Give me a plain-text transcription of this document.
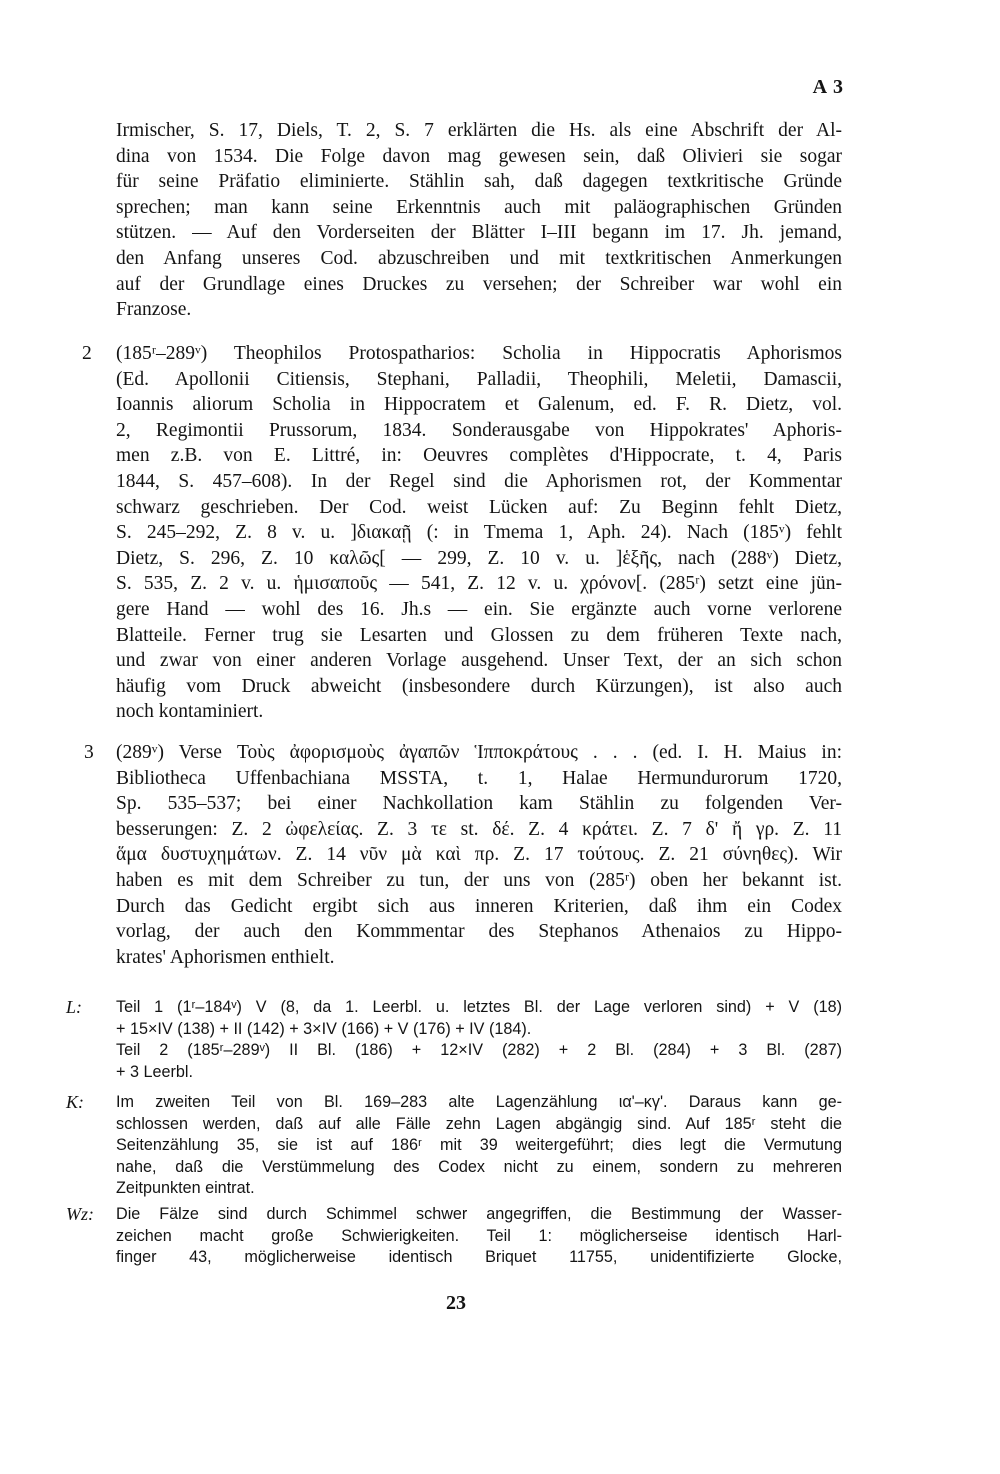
A 3
Irmischer, S. 17, Diels, T. 2, S. 7 erklärten die Hs. als eine Abschrift der Al-
dina von 1534. Die Folge davon mag gewesen sein, daß Olivieri sie sogar
für seine Präfatio eliminierte. Stählin sah, daß dagegen textkritische Gründe
sprechen; man kann seine Erkenntnis auch mit paläographischen Gründen
stützen. — Auf den Vorderseiten der Blätter I–III begann im 17. Jh. jemand,
den Anfang unseres Cod. abzuschreiben und mit textkritischen Anmerkungen
auf der Grundlage eines Druckes zu versehen; der Schreiber war wohl ein
Franzose.
2 (185ʳ–289ᵛ) Theophilos Protospatharios: Scholia in Hippocratis Aphorismos
(Ed. Apollonii Citiensis, Stephani, Palladii, Theophili, Meletii, Damascii,
Ioannis aliorum Scholia in Hippocratem et Galenum, ed. F. R. Dietz, vol.
2, Regimontii Prussorum, 1834. Sonderausgabe von Hippokrates' Aphoris-
men z.B. von E. Littré, in: Oeuvres complètes d'Hippocrate, t. 4, Paris
1844, S. 457–608). In der Regel sind die Aphorismen rot, der Kommentar
schwarz geschrieben. Der Cod. weist Lücken auf: Zu Beginn fehlt Dietz,
S. 245–292, Z. 8 v. u. ]διακαῇ (: in Tmema 1, Aph. 24). Nach (185ᵛ) fehlt
Dietz, S. 296, Z. 10 καλῶς[ — 299, Z. 10 v. u. ]ἑξῆς, nach (288ᵛ) Dietz,
S. 535, Z. 2 v. u. ἡμισαποῦς — 541, Z. 12 v. u. χρόνον[. (285ʳ) setzt eine jün-
gere Hand — wohl des 16. Jh.s — ein. Sie ergänzte auch vorne verlorene
Blatteile. Ferner trug sie Lesarten und Glossen zu dem früheren Texte nach,
und zwar von einer anderen Vorlage ausgehend. Unser Text, der an sich schon
häufig vom Druck abweicht (insbesondere durch Kürzungen), ist also auch
noch kontaminiert.
3 (289ᵛ) Verse Τοὺς ἀφορισμοὺς ἀγαπῶν Ἱπποκράτους . . . (ed. I. H. Maius in:
Bibliotheca Uffenbachiana MSSTA, t. 1, Halae Hermundurorum 1720,
Sp. 535–537; bei einer Nachkollation kam Stählin zu folgenden Ver-
besserungen: Z. 2 ὠφελείας. Z. 3 τε st. δέ. Z. 4 κράτει. Z. 7 δ' ἤ γρ. Z. 11
ἅμα δυστυχημάτων. Z. 14 νῦν μὰ καὶ πρ. Z. 17 τούτους. Z. 21 σύνηθες). Wir
haben es mit dem Schreiber zu tun, der uns von (285ʳ) oben her bekannt ist.
Durch das Gedicht ergibt sich aus inneren Kriterien, daß ihm ein Codex
vorlag, der auch den Kommmentar des Stephanos Athenaios zu Hippo-
krates' Aphorismen enthielt.
L: Teil 1 (1ʳ–184ᵛ) V (8, da 1. Leerbl. u. letztes Bl. der Lage verloren sind) + V (18)
+ 15×IV (138) + II (142) + 3×IV (166) + V (176) + IV (184).
Teil 2 (185ʳ–289ᵛ) II Bl. (186) + 12×IV (282) + 2 Bl. (284) + 3 Bl. (287)
+ 3 Leerbl.
K: Im zweiten Teil von Bl. 169–283 alte Lagenzählung ια'–κγ'. Daraus kann ge-
schlossen werden, daß auf alle Fälle zehn Lagen abgängig sind. Auf 185ʳ steht die
Seitenzählung 35, sie ist auf 186ʳ mit 39 weitergeführt; dies legt die Vermutung
nahe, daß die Verstümmelung des Codex nicht zu einem, sondern zu mehreren
Zeitpunkten eintrat.
Wz: Die Fälze sind durch Schimmel schwer angegriffen, die Bestimmung der Wasser-
zeichen macht große Schwierigkeiten. Teil 1: möglicherseise identisch Harl-
finger 43, möglicherweise identisch Briquet 11755, unidentifizierte Glocke,
23
